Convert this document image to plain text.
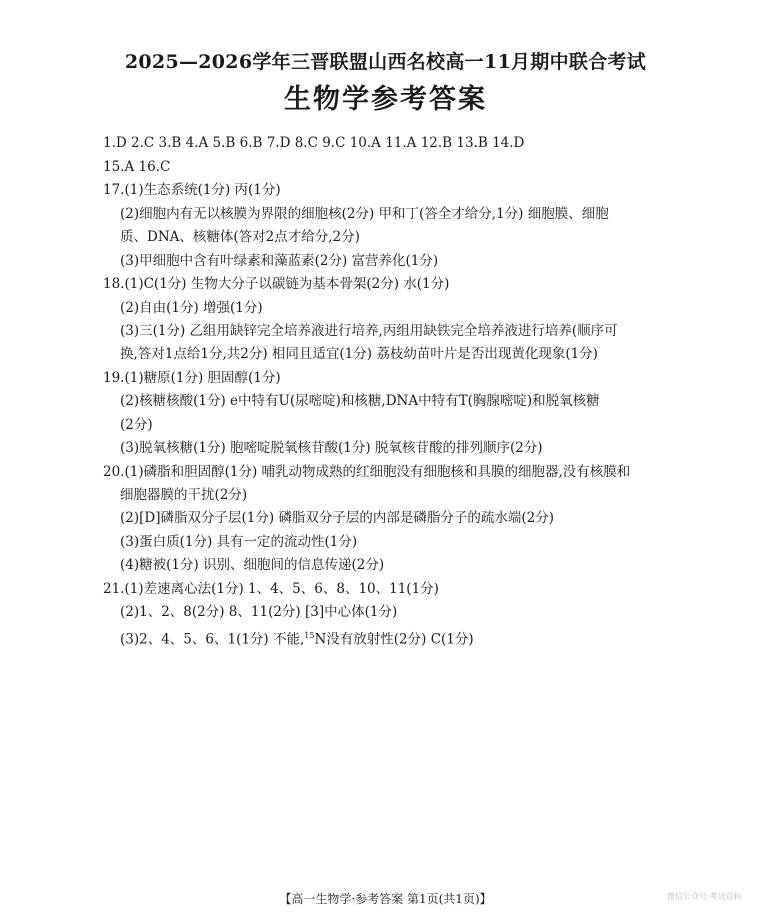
2025—2026学年三晋联盟山西名校高一11月期中联合考试
生物学参考答案
1.D 2.C 3.B 4.A 5.B 6.B 7.D 8.C 9.C 10.A 11.A 12.B 13.B 14.D
15.A 16.C
17.(1)生态系统(1分) 丙(1分)
(2)细胞内有无以核膜为界限的细胞核(2分) 甲和丁(答全才给分,1分) 细胞膜、细胞
质、DNA、核糖体(答对2点才给分,2分)
(3)甲细胞中含有叶绿素和藻蓝素(2分) 富营养化(1分)
18.(1)C(1分) 生物大分子以碳链为基本骨架(2分) 水(1分)
(2)自由(1分) 增强(1分)
(3)三(1分) 乙组用缺锌完全培养液进行培养,丙组用缺铁完全培养液进行培养(顺序可
换,答对1点给1分,共2分) 相同且适宜(1分) 荔枝幼苗叶片是否出现黄化现象(1分)
19.(1)糖原(1分) 胆固醇(1分)
(2)核糖核酸(1分) e中特有U(尿嘧啶)和核糖,DNA中特有T(胸腺嘧啶)和脱氧核糖
(2分)
(3)脱氧核糖(1分) 胞嘧啶脱氧核苷酸(1分) 脱氧核苷酸的排列顺序(2分)
20.(1)磷脂和胆固醇(1分) 哺乳动物成熟的红细胞没有细胞核和具膜的细胞器,没有核膜和
细胞器膜的干扰(2分)
(2)[D]磷脂双分子层(1分) 磷脂双分子层的内部是磷脂分子的疏水端(2分)
(3)蛋白质(1分) 具有一定的流动性(1分)
(4)糖被(1分) 识别、细胞间的信息传递(2分)
21.(1)差速离心法(1分) 1、4、5、6、8、10、11(1分)
(2)1、2、8(2分) 8、11(2分) [3]中心体(1分)
(3)2、4、5、6、1(1分) 不能,$^{15}$N没有放射性(2分) C(1分)
【高一生物学·参考答案 第1页(共1页)】	微信公众号·考试资料
